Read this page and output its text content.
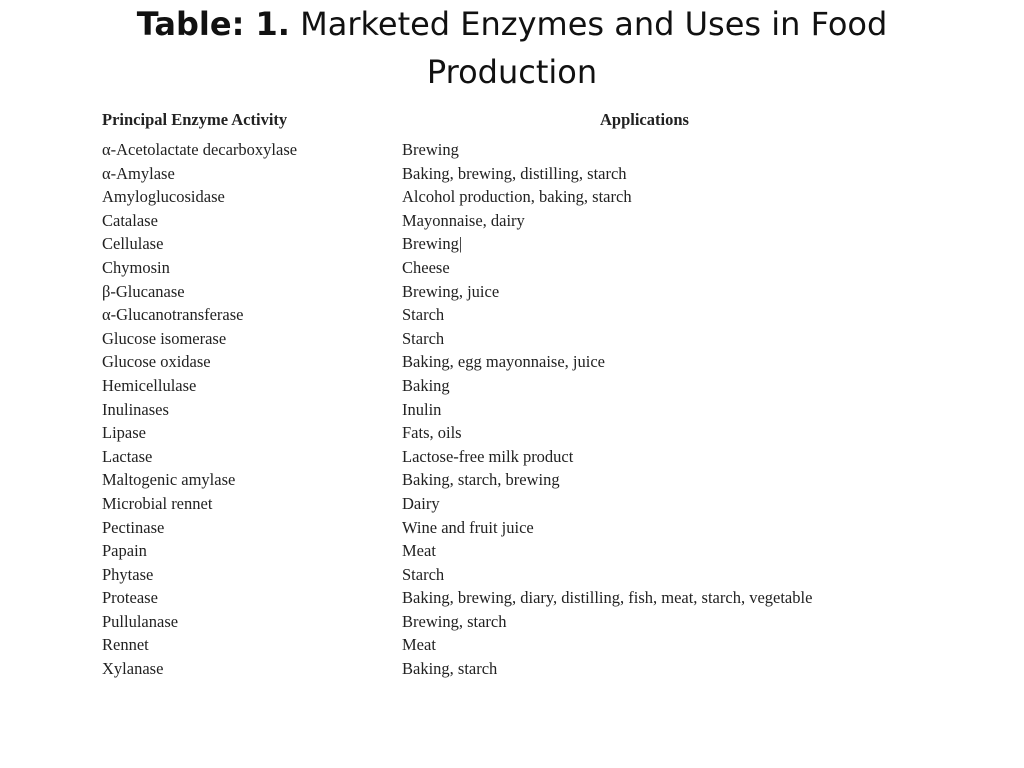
Table: 1. Marketed Enzymes and Uses in Food
Production
Principal Enzyme Activity	Applications
α-Acetolactate decarboxylase	Brewing
α-Amylase	Baking, brewing, distilling, starch
Amyloglucosidase	Alcohol production, baking, starch
Catalase	Mayonnaise, dairy
Cellulase	Brewing|
Chymosin	Cheese
β-Glucanase	Brewing, juice
α-Glucanotransferase	Starch
Glucose isomerase	Starch
Glucose oxidase	Baking, egg mayonnaise, juice
Hemicellulase	Baking
Inulinases	Inulin
Lipase	Fats, oils
Lactase	Lactose-free milk product
Maltogenic amylase	Baking, starch, brewing
Microbial rennet	Dairy
Pectinase	Wine and fruit juice
Papain	Meat
Phytase	Starch
Protease	Baking, brewing, diary, distilling, fish, meat, starch, vegetable
Pullulanase	Brewing, starch
Rennet	Meat
Xylanase	Baking, starch
